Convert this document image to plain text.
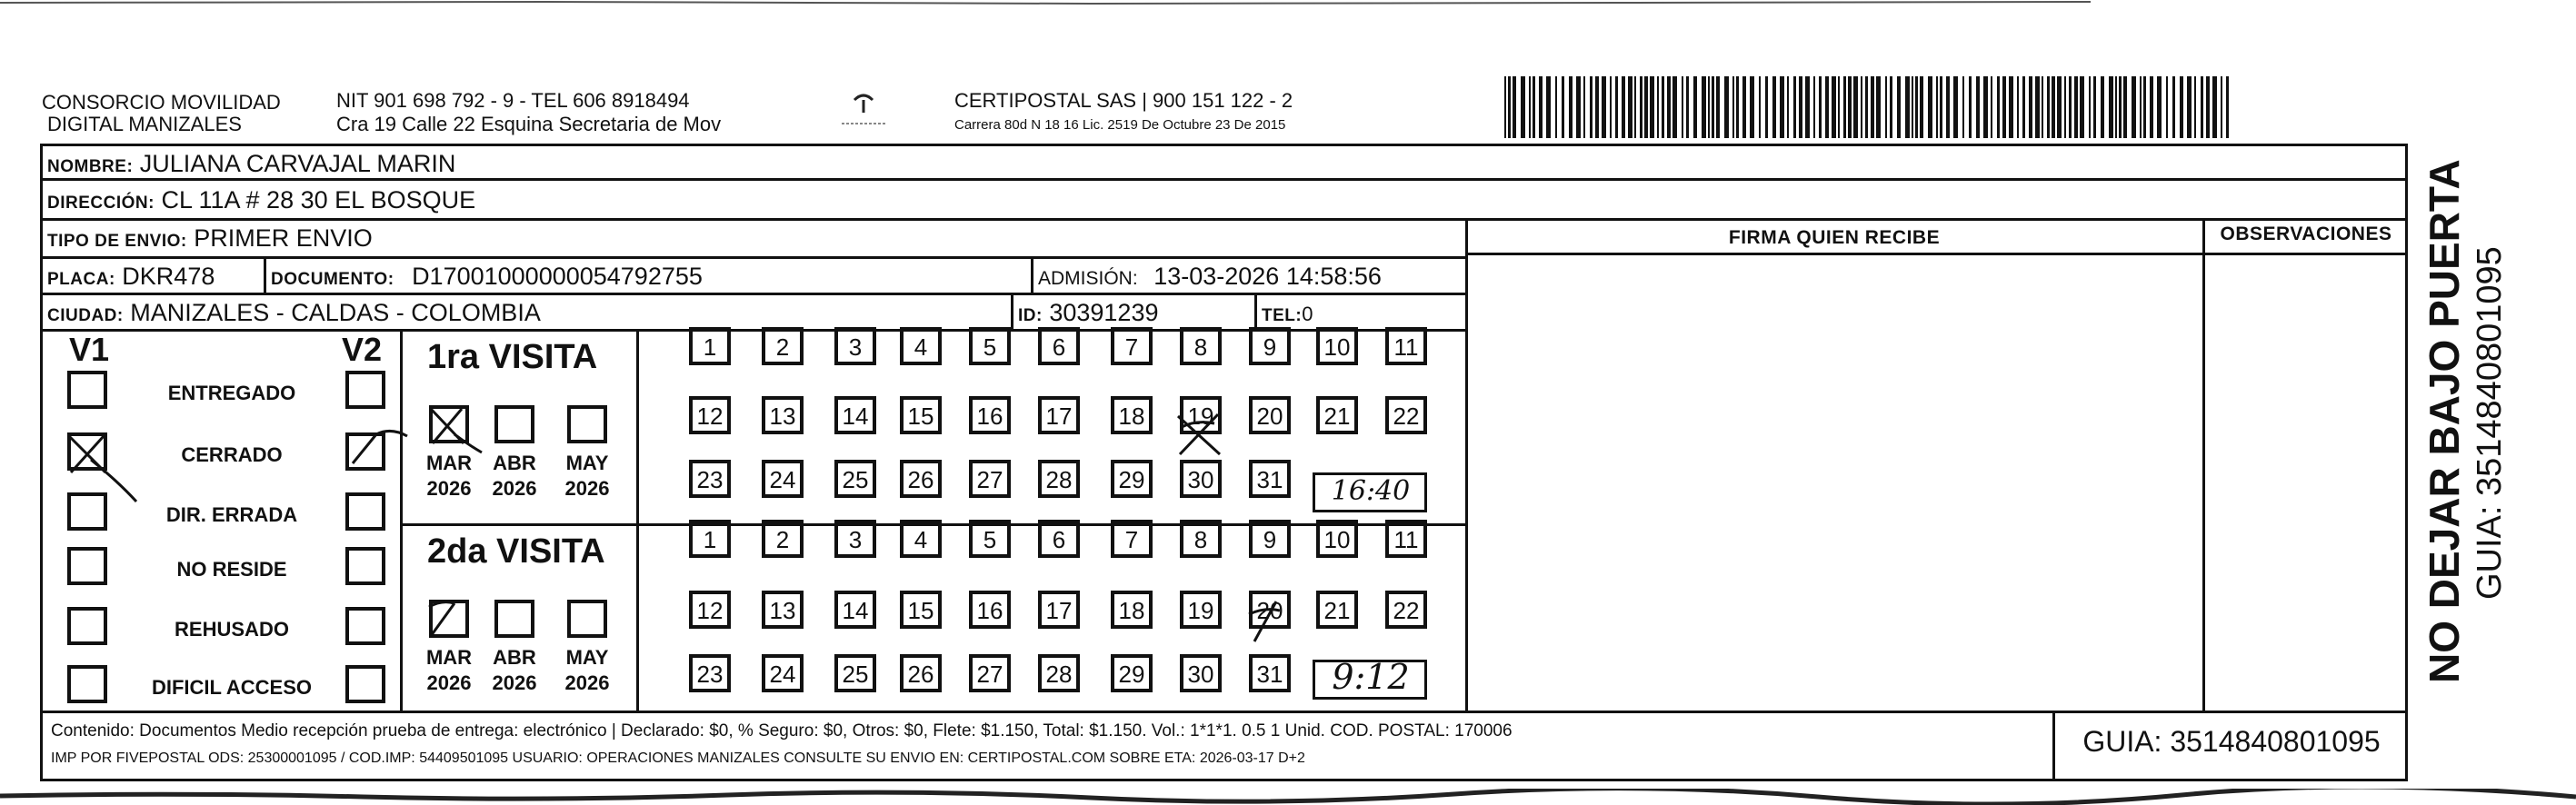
CONSORCIO MOVILIDAD
DIGITAL MANIZALES
NIT 901 698 792 - 9 - TEL 606 8918494
Cra 19 Calle 22 Esquina Secretaria de Mov
CERTIPOSTAL SAS | 900 151 122 - 2
Carrera 80d N 18 16 Lic. 2519 De Octubre 23 De 2015
NOMBRE: JULIANA CARVAJAL MARIN
DIRECCIÓN: CL 11A # 28 30 EL BOSQUE
TIPO DE ENVIO: PRIMER ENVIO
PLACA: DKR478	DOCUMENTO: D17001000000054792755	ADMISIÓN: 13-03-2026 14:58:56
CIUDAD: MANIZALES - CALDAS - COLOMBIA	ID: 30391239	TEL:0
FIRMA QUIEN RECIBE	OBSERVACIONES
V1	V2
ENTREGADO
CERRADO
DIR. ERRADA
NO RESIDE
REHUSADO
DIFICIL ACCESO
1ra VISITA
2da VISITA
MAR
2026
ABR
2026
MAY
2026
1	2	3	4	5	6	7	8	9	10	11
12	13	14	15	16	17	18	19	20	21	22
23	24	25	26	27	28	29	30	31
MAR
2026
ABR
2026
MAY
2026
1	2	3	4	5	6	7	8	9	10	11
12	13	14	15	16	17	18	19	20	21	22
23	24	25	26	27	28	29	30	31
16:40
9:12
Contenido: Documentos Medio recepción prueba de entrega: electrónico | Declarado: $0, % Seguro: $0, Otros: $0, Flete: $1.150, Total: $1.150. Vol.: 1*1*1. 0.5 1 Unid. COD. POSTAL: 170006
IMP POR FIVEPOSTAL ODS: 25300001095 / COD.IMP: 54409501095 USUARIO: OPERACIONES MANIZALES CONSULTE SU ENVIO EN: CERTIPOSTAL.COM SOBRE ETA: 2026-03-17 D+2
GUIA: 3514840801095
NO DEJAR BAJO PUERTA GUIA: 3514840801095
